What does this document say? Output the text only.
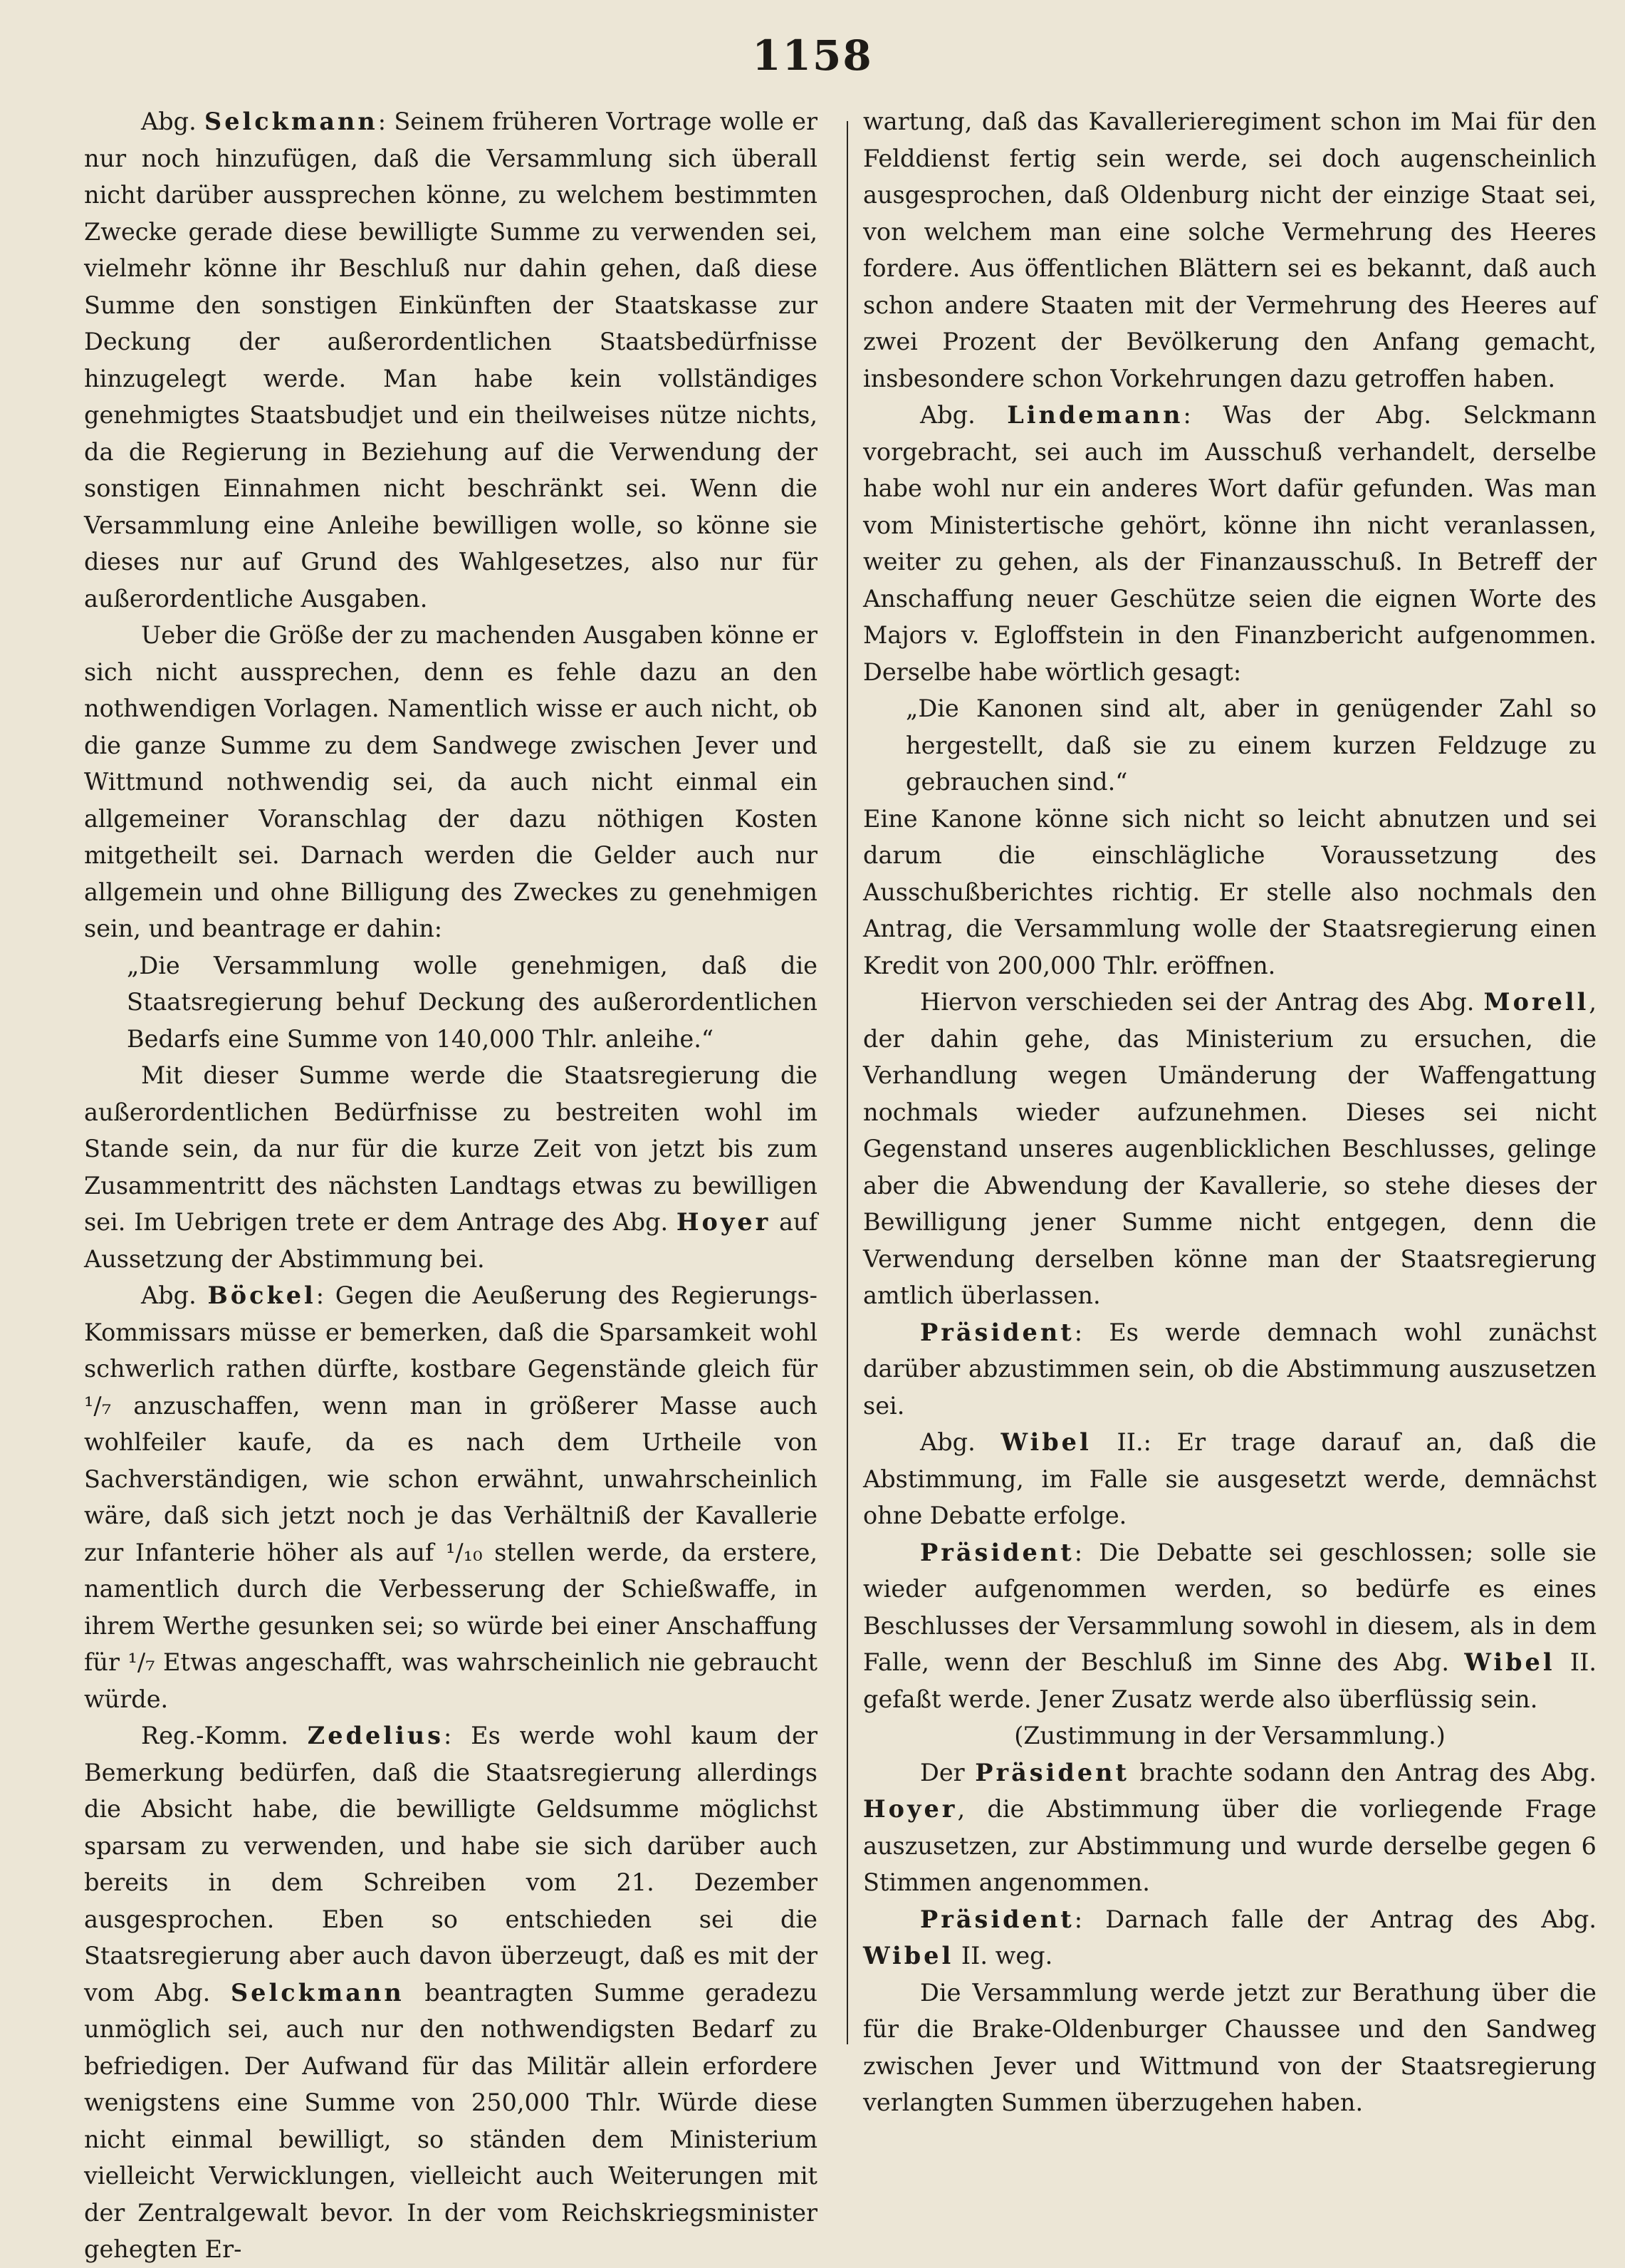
1158

Abg. Selckmann: Seinem früheren Vortrage wolle er nur noch hinzufügen, daß die Versammlung sich überall nicht darüber aussprechen könne, zu welchem bestimmten Zwecke gerade diese bewilligte Summe zu verwenden sei, vielmehr könne ihr Beschluß nur dahin gehen, daß diese Summe den sonstigen Einkünften der Staatskasse zur Deckung der außerordentlichen Staatsbedürfnisse hinzugelegt werde. Man habe kein vollständiges genehmigtes Staatsbudjet und ein theilweises nütze nichts, da die Regierung in Beziehung auf die Verwendung der sonstigen Einnahmen nicht beschränkt sei. Wenn die Versammlung eine Anleihe bewilligen wolle, so könne sie dieses nur auf Grund des Wahlgesetzes, also nur für außerordentliche Ausgaben.

Ueber die Größe der zu machenden Ausgaben könne er sich nicht aussprechen, denn es fehle dazu an den nothwendigen Vorlagen. Namentlich wisse er auch nicht, ob die ganze Summe zu dem Sandwege zwischen Jever und Wittmund nothwendig sei, da auch nicht einmal ein allgemeiner Voranschlag der dazu nöthigen Kosten mitgetheilt sei. Darnach werden die Gelder auch nur allgemein und ohne Billigung des Zweckes zu genehmigen sein, und beantrage er dahin:

„Die Versammlung wolle genehmigen, daß die Staatsregierung behuf Deckung des außerordentlichen Bedarfs eine Summe von 140,000 Thlr. anleihe.“

Mit dieser Summe werde die Staatsregierung die außerordentlichen Bedürfnisse zu bestreiten wohl im Stande sein, da nur für die kurze Zeit von jetzt bis zum Zusammentritt des nächsten Landtags etwas zu bewilligen sei. Im Uebrigen trete er dem Antrage des Abg. Hoyer auf Aussetzung der Abstimmung bei.

Abg. Böckel: Gegen die Aeußerung des Regierungs-Kommissars müsse er bemerken, daß die Sparsamkeit wohl schwerlich rathen dürfte, kostbare Gegenstände gleich für ¹/₇ anzuschaffen, wenn man in größerer Masse auch wohlfeiler kaufe, da es nach dem Urtheile von Sachverständigen, wie schon erwähnt, unwahrscheinlich wäre, daß sich jetzt noch je das Verhältniß der Kavallerie zur Infanterie höher als auf ¹/₁₀ stellen werde, da erstere, namentlich durch die Verbesserung der Schießwaffe, in ihrem Werthe gesunken sei; so würde bei einer Anschaffung für ¹/₇ Etwas angeschafft, was wahrscheinlich nie gebraucht würde.

Reg.-Komm. Zedelius: Es werde wohl kaum der Bemerkung bedürfen, daß die Staatsregierung allerdings die Absicht habe, die bewilligte Geldsumme möglichst sparsam zu verwenden, und habe sie sich darüber auch bereits in dem Schreiben vom 21. Dezember ausgesprochen. Eben so entschieden sei die Staatsregierung aber auch davon überzeugt, daß es mit der vom Abg. Selckmann beantragten Summe geradezu unmöglich sei, auch nur den nothwendigsten Bedarf zu befriedigen. Der Aufwand für das Militär allein erfordere wenigstens eine Summe von 250,000 Thlr. Würde diese nicht einmal bewilligt, so ständen dem Ministerium vielleicht Verwicklungen, vielleicht auch Weiterungen mit der Zentralgewalt bevor. In der vom Reichskriegsminister gehegten Er-

wartung, daß das Kavallerieregiment schon im Mai für den Felddienst fertig sein werde, sei doch augenscheinlich ausgesprochen, daß Oldenburg nicht der einzige Staat sei, von welchem man eine solche Vermehrung des Heeres fordere. Aus öffentlichen Blättern sei es bekannt, daß auch schon andere Staaten mit der Vermehrung des Heeres auf zwei Prozent der Bevölkerung den Anfang gemacht, insbesondere schon Vorkehrungen dazu getroffen haben.

Abg. Lindemann: Was der Abg. Selckmann vorgebracht, sei auch im Ausschuß verhandelt, derselbe habe wohl nur ein anderes Wort dafür gefunden. Was man vom Ministertische gehört, könne ihn nicht veranlassen, weiter zu gehen, als der Finanzausschuß. In Betreff der Anschaffung neuer Geschütze seien die eignen Worte des Majors v. Egloffstein in den Finanzbericht aufgenommen. Derselbe habe wörtlich gesagt:

„Die Kanonen sind alt, aber in genügender Zahl so hergestellt, daß sie zu einem kurzen Feldzuge zu gebrauchen sind.“

Eine Kanone könne sich nicht so leicht abnutzen und sei darum die einschlägliche Voraussetzung des Ausschußberichtes richtig. Er stelle also nochmals den Antrag, die Versammlung wolle der Staatsregierung einen Kredit von 200,000 Thlr. eröffnen.

Hiervon verschieden sei der Antrag des Abg. Morell, der dahin gehe, das Ministerium zu ersuchen, die Verhandlung wegen Umänderung der Waffengattung nochmals wieder aufzunehmen. Dieses sei nicht Gegenstand unseres augenblicklichen Beschlusses, gelinge aber die Abwendung der Kavallerie, so stehe dieses der Bewilligung jener Summe nicht entgegen, denn die Verwendung derselben könne man der Staatsregierung amtlich überlassen.

Präsident: Es werde demnach wohl zunächst darüber abzustimmen sein, ob die Abstimmung auszusetzen sei.

Abg. Wibel II.: Er trage darauf an, daß die Abstimmung, im Falle sie ausgesetzt werde, demnächst ohne Debatte erfolge.

Präsident: Die Debatte sei geschlossen; solle sie wieder aufgenommen werden, so bedürfe es eines Beschlusses der Versammlung sowohl in diesem, als in dem Falle, wenn der Beschluß im Sinne des Abg. Wibel II. gefaßt werde. Jener Zusatz werde also überflüssig sein.

(Zustimmung in der Versammlung.)

Der Präsident brachte sodann den Antrag des Abg. Hoyer, die Abstimmung über die vorliegende Frage auszusetzen, zur Abstimmung und wurde derselbe gegen 6 Stimmen angenommen.

Präsident: Darnach falle der Antrag des Abg. Wibel II. weg.

Die Versammlung werde jetzt zur Berathung über die für die Brake-Oldenburger Chaussee und den Sandweg zwischen Jever und Wittmund von der Staatsregierung verlangten Summen überzugehen haben.
